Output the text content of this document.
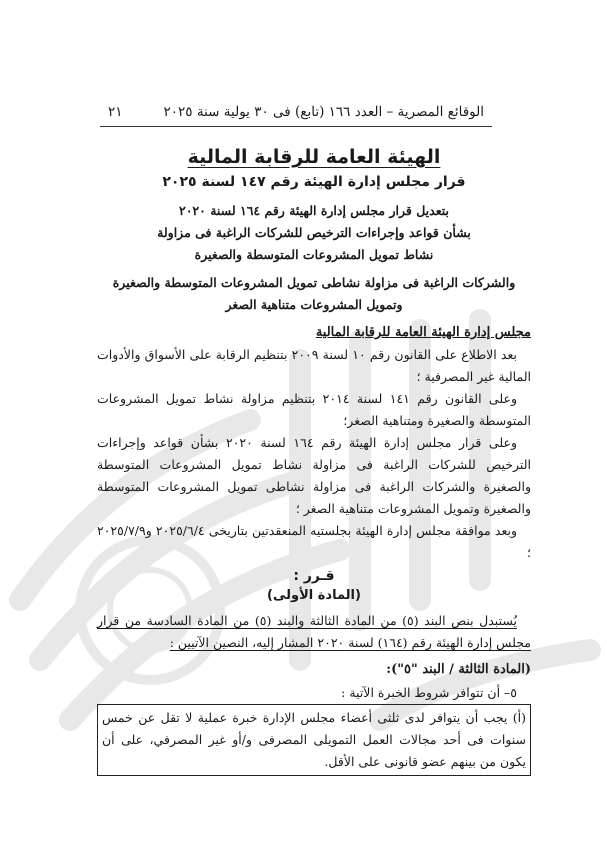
٢١	الوقائع المصرية – العدد ١٦٦ (تابع) فى ٣٠ يولية سنة ٢٠٢٥
الهيئة العامة للرقابة المالية
قرار مجلس إدارة الهيئة رقم ١٤٧ لسنة ٢٠٢٥

بتعديل قرار مجلس إدارة الهيئة رقم ١٦٤ لسنة ٢٠٢٠

بشأن قواعد وإجراءات الترخيص للشركات الراغبة فى مزاولة

نشاط تمويل المشروعات المتوسطة والصغيرة

والشركات الراغبة فى مزاولة نشاطى تمويل المشروعات المتوسطة والصغيرة

وتمويل المشروعات متناهية الصغر

مجلس إدارة الهيئة العامة للرقابة المالية

بعد الاطلاع على القانون رقم ١٠ لسنة ٢٠٠٩ بتنظيم الرقابة على الأسواق والأدوات المالية غير المصرفية ؛

وعلى القانون رقم ١٤١ لسنة ٢٠١٤ بتنظيم مزاولة نشاط تمويل المشروعات المتوسطة والصغيرة ومتناهية الصغر؛

وعلى قرار مجلس إدارة الهيئة رقم ١٦٤ لسنة ٢٠٢٠ بشأن قواعد وإجراءات الترخيص للشركات الراغبة فى مزاولة نشاط تمويل المشروعات المتوسطة والصغيرة والشركات الراغبة فى مزاولة نشاطى تمويل المشروعات المتوسطة والصغيرة وتمويل المشروعات متناهية الصغر ؛

وبعد موافقة مجلس إدارة الهيئة بجلستيه المنعقدتين بتاريخى ٢٠٢٥/٦/٤ و٢٠٢٥/٧/٩ ؛

قـرر :
(المادة الأولى)

يُستبدل بنص البند (٥) من المادة الثالثة والبند (٥) من المادة السادسة من قرار مجلس إدارة الهيئة رقم (١٦٤) لسنة ٢٠٢٠ المشار إليه، النصين الآتيين :

(المادة الثالثة / البند "٥"):

٥– أن تتوافر شروط الخبرة الآتية :

(أ) يجب أن يتوافر لدى ثلثى أعضاء مجلس الإدارة خبرة عملية لا تقل عن خمس سنوات فى أحد مجالات العمل التمويلى المصرفى و/أو غير المصرفي، على أن يكون من بينهم عضو قانونى على الأقل.
